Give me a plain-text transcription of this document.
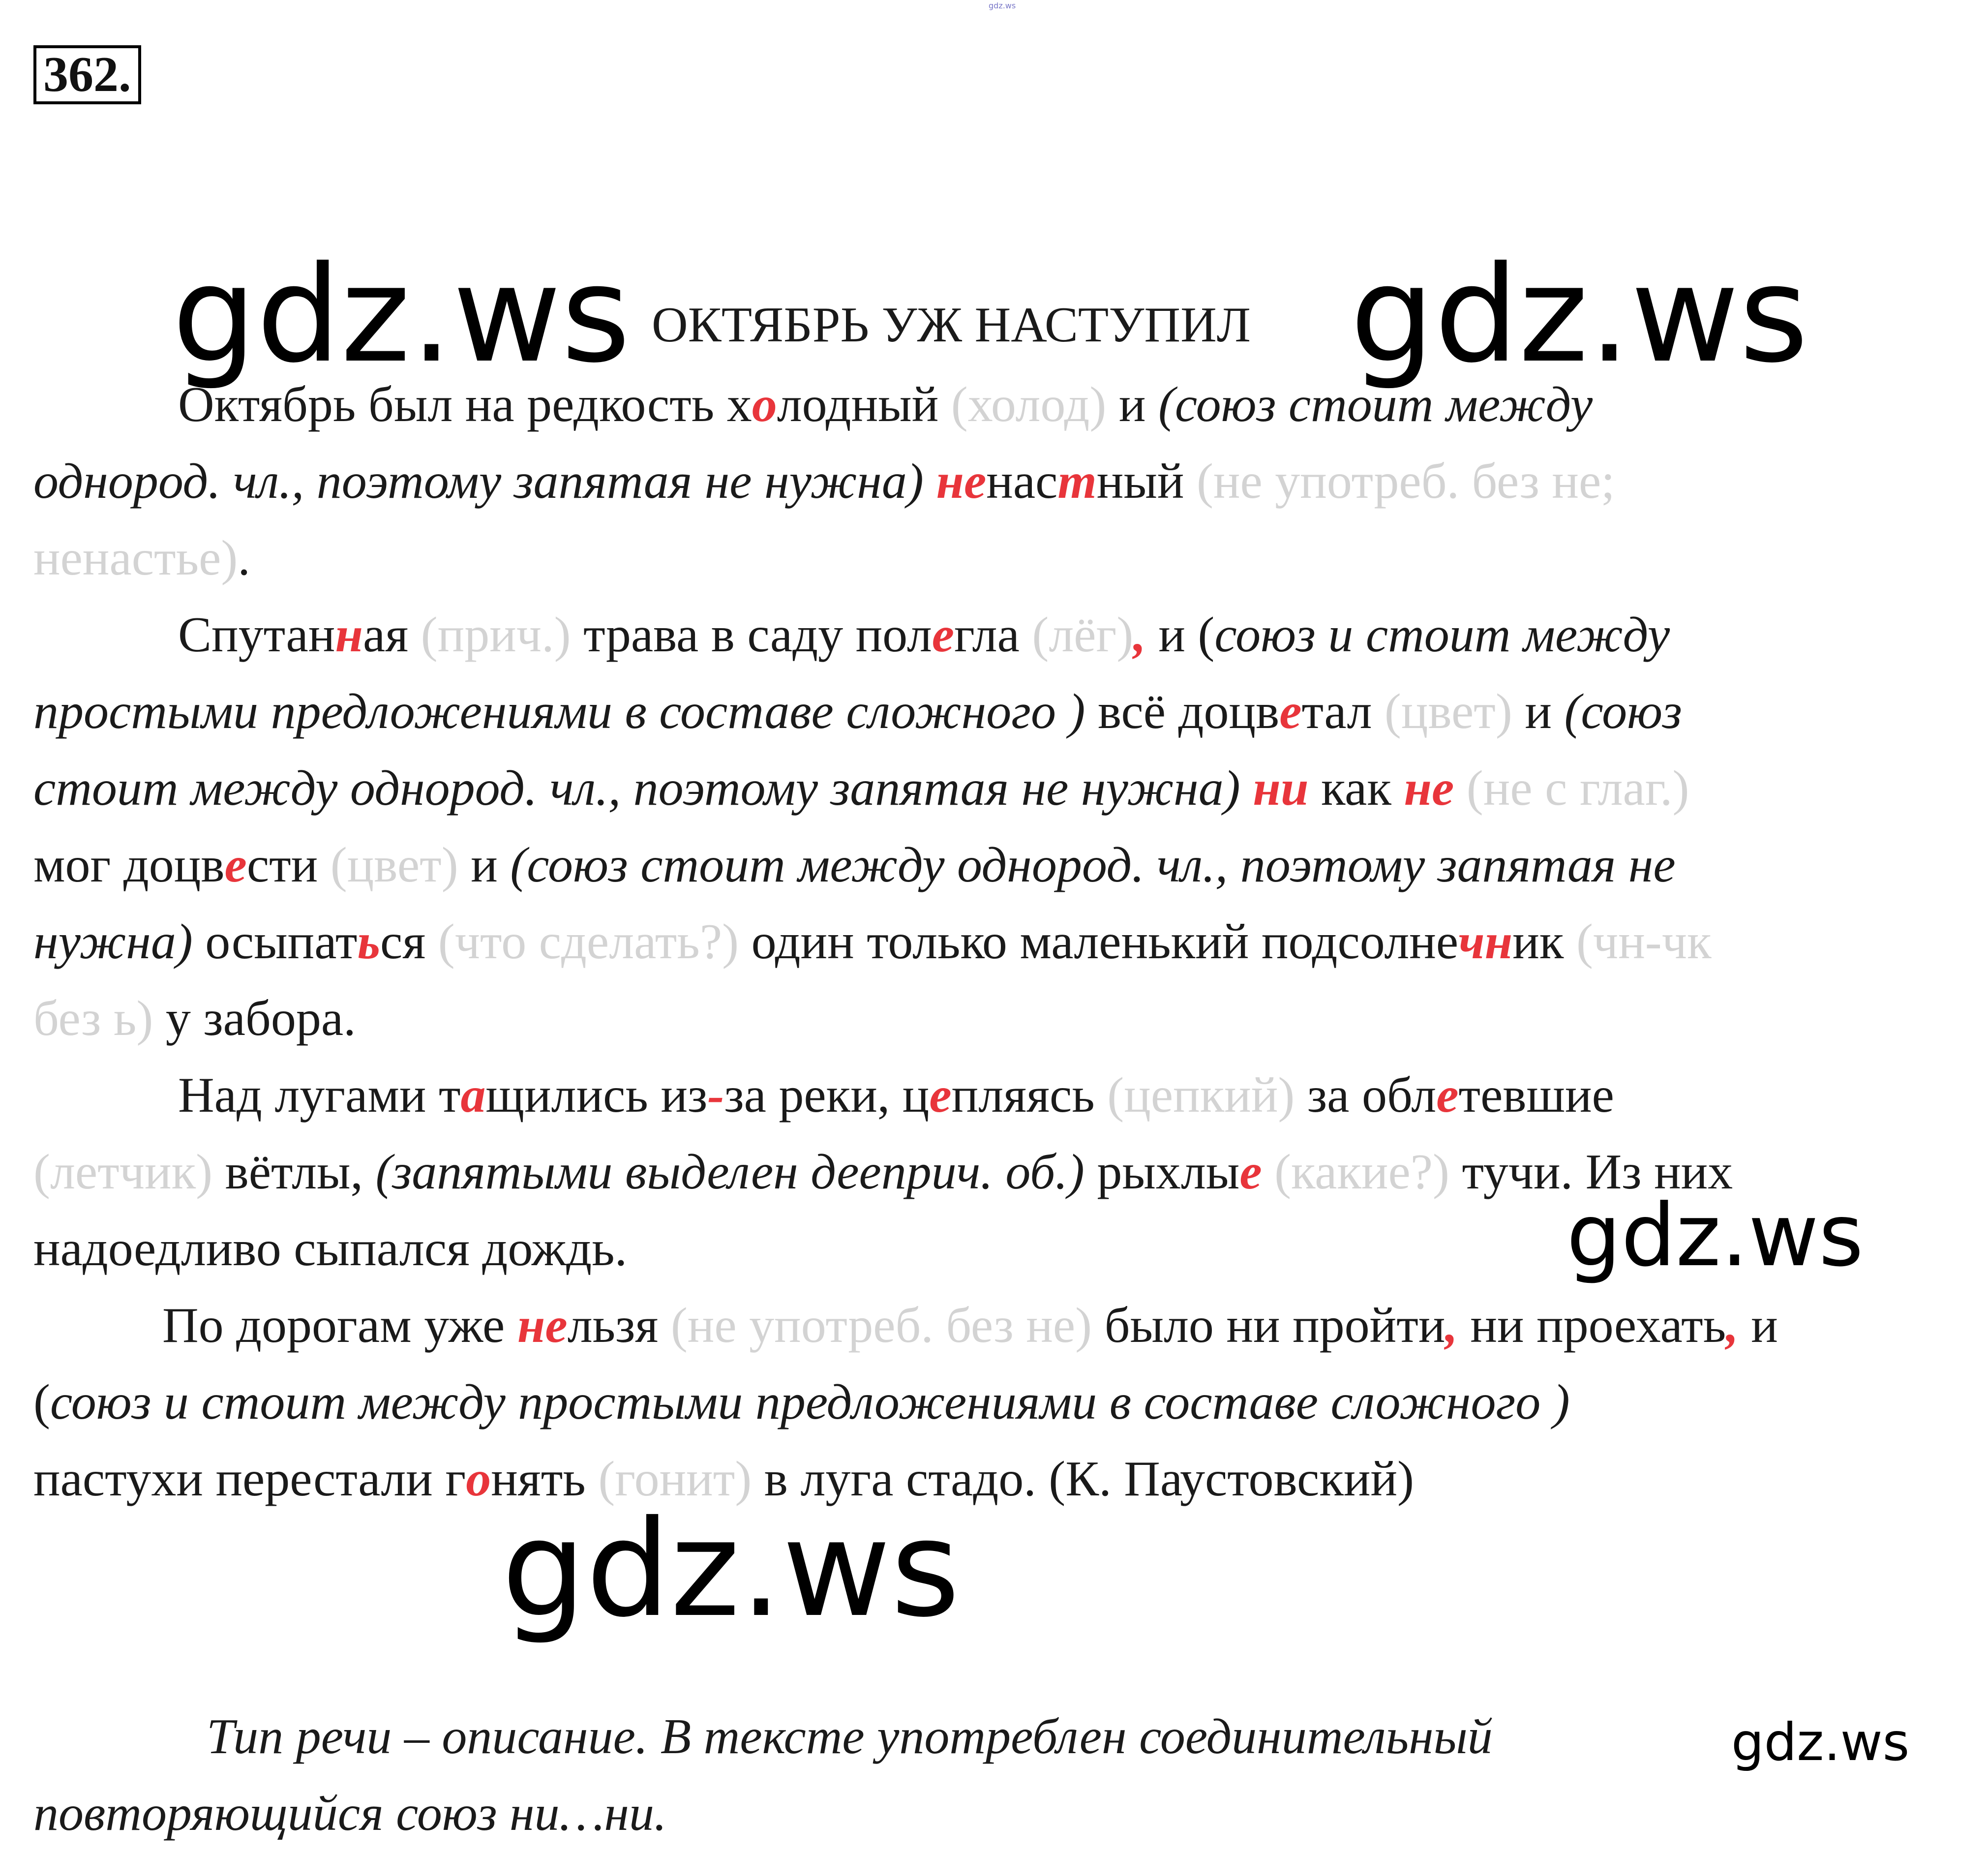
gdz.ws
362 .
ОКТЯБРЬ УЖ НАСТУПИЛ
gdz.ws	gdz.ws
gdz.ws
gdz.ws
gdz.ws
Октябрь был на редкость холодный (холод) и (союз стоит между
однород. чл., поэтому запятая не нужна) ненастный (не употреб. без не;
ненастье).
Спутанная (прич.) трава в саду полегла (лёг), и (союз и стоит между
простыми предложениями в составе сложного ) всё доцветал (цвет) и (союз
стоит между однород. чл., поэтому запятая не нужна) ни как не (не с глаг.)
мог доцвести (цвет) и (союз стоит между однород. чл., поэтому запятая не
нужна) осыпаться (что сделать?) один только маленький подсолнечник (чн-чк
без ь) у забора.
Над лугами тащились из-за реки, цепляясь (цепкий) за облетевшие
(летчик) вётлы, (запятыми выделен дееприч. об.) рыхлые (какие?) тучи. Из них
надоедливо сыпался дождь.
По дорогам уже нельзя (не употреб. без не) было ни пройти, ни проехать, и
(союз и стоит между простыми предложениями в составе сложного )
пастухи перестали гонять (гонит) в луга стадо. (К. Паустовский)
Тип речи – описание. В тексте употреблен соединительный
повторяющийся союз ни…ни.
